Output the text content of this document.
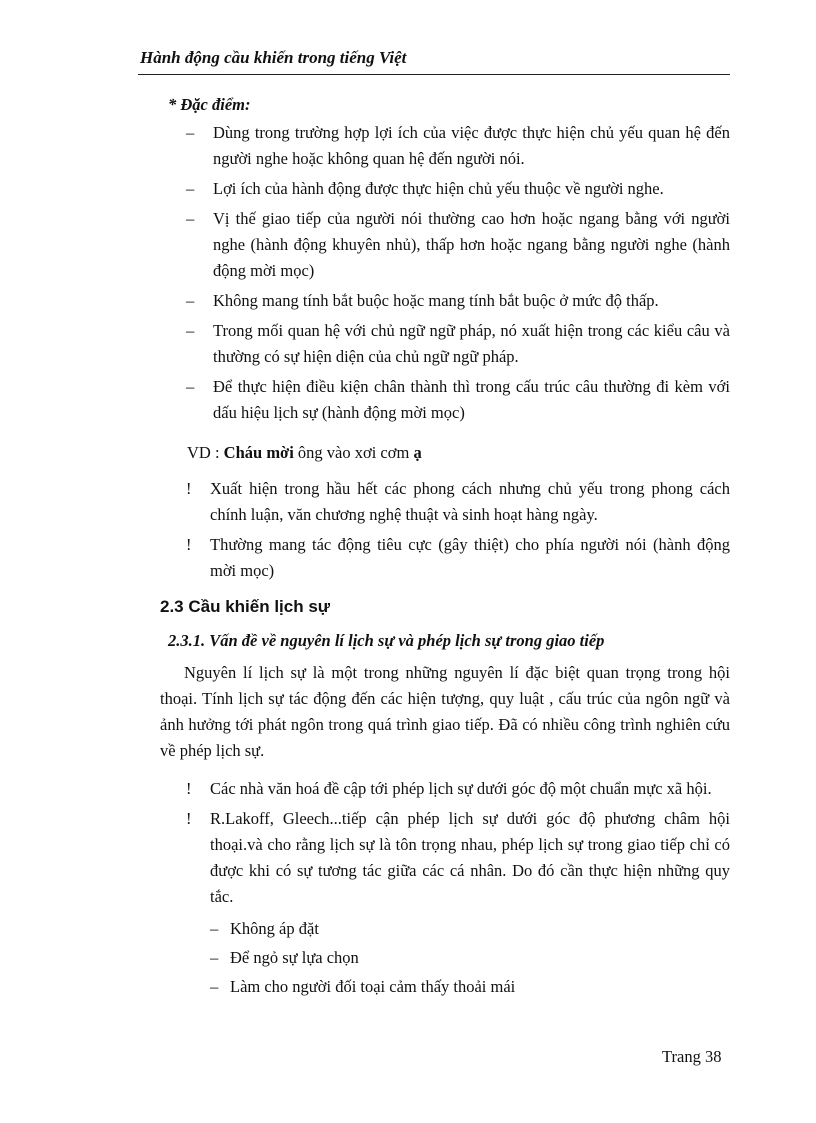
Hành động cầu khiến trong tiếng Việt
* Đặc điểm:
– Dùng trong trường hợp lợi ích của việc được thực hiện chủ yếu quan hệ đến người nghe hoặc không quan hệ đến người nói.
– Lợi ích của hành động được thực hiện chủ yếu thuộc về người nghe.
– Vị thế giao tiếp của người nói thường cao hơn hoặc ngang bằng với người nghe (hành động khuyên nhủ), thấp hơn hoặc ngang bằng người nghe (hành động mời mọc)
– Không mang tính bắt buộc hoặc mang tính bắt buộc ở mức độ thấp.
– Trong mối quan hệ với chủ ngữ ngữ pháp, nó xuất hiện trong các kiểu câu và thường có sự hiện diện của chủ ngữ ngữ pháp.
– Để thực hiện điều kiện chân thành thì trong cấu trúc câu thường đi kèm với dấu hiệu lịch sự (hành động mời mọc)
VD : Cháu mời ông vào xơi cơm ạ
! Xuất hiện trong hầu hết các phong cách nhưng chủ yếu trong phong cách chính luận, văn chương nghệ thuật và sinh hoạt hàng ngày.
! Thường mang tác động tiêu cực (gây thiệt) cho phía người nói (hành động mời mọc)
2.3 Cầu khiến lịch sự
2.3.1. Vấn đề về nguyên lí lịch sự và phép lịch sự trong giao tiếp

Nguyên lí lịch sự là một trong những nguyên lí đặc biệt quan trọng trong hội thoại. Tính lịch sự tác động đến các hiện tượng, quy luật , cấu trúc của ngôn ngữ và ảnh hưởng tới phát ngôn trong quá trình giao tiếp. Đã có nhiều công trình nghiên cứu về phép lịch sự.

! Các nhà văn hoá đề cập tới phép lịch sự dưới góc độ một chuẩn mực xã hội.
! R.Lakoff, Gleech...tiếp cận phép lịch sự dưới góc độ phương châm hội thoại.và cho rằng lịch sự là tôn trọng nhau, phép lịch sự trong giao tiếp chỉ có được khi có sự tương tác giữa các cá nhân. Do đó cần thực hiện những quy tắc.
– Không áp đặt
– Để ngỏ sự lựa chọn
– Làm cho người đối toại cảm thấy thoải mái
Trang 38
